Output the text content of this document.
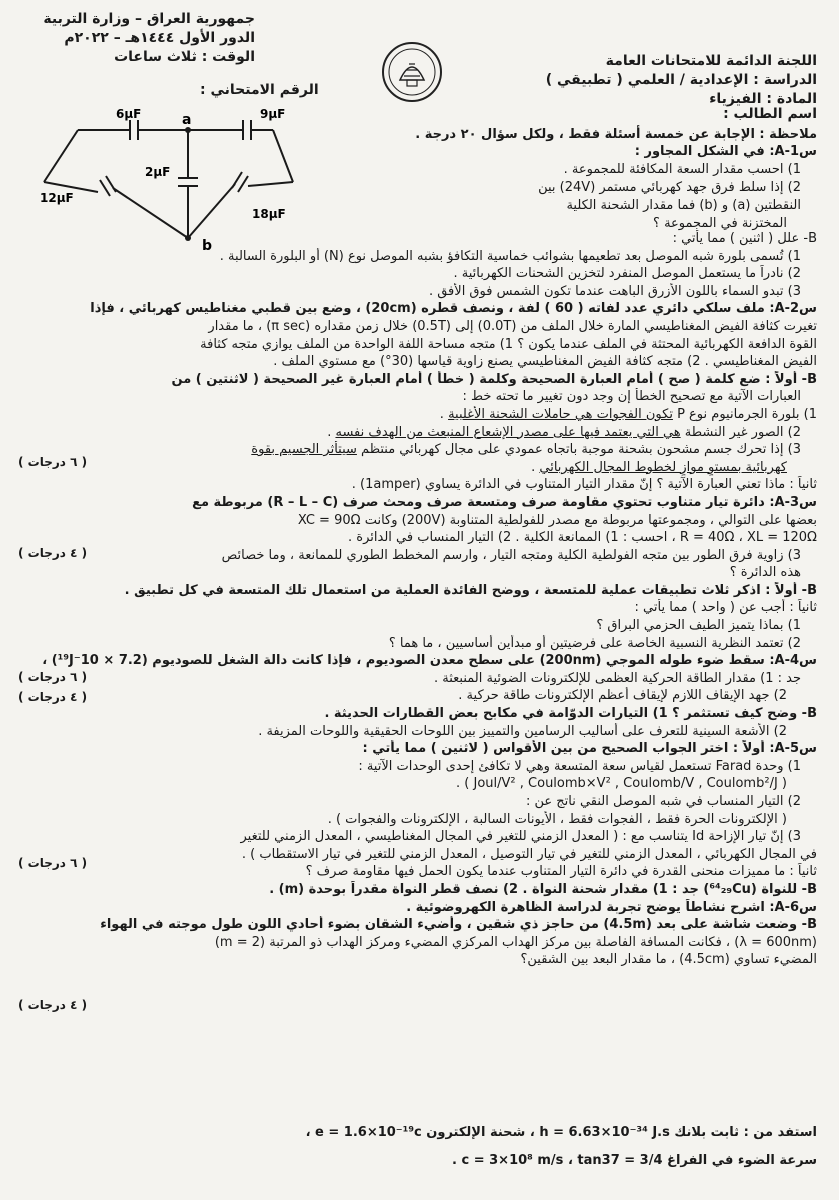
جمهورية العراق – وزارة التربية
الدور الأول ١٤٤٤هـ – ٢٠٢٢م
الوقت : ثلاث ساعات	اللجنة الدائمة للامتحانات العامة
الدراسة : الإعدادية / العلمي ( تطبيقي )
المادة : الفيزياء
الرقم الامتحاني :
اسم الطالب :
ملاحظة : الإجابة عن خمسة أسئلة فقط ، ولكل سؤال ٢٠ درجة .
6μF	9μF
2μF
12μF
18μF
a
b
س1-A: في الشكل المجاور :
1) احسب مقدار السعة المكافئة للمجموعة .
2) إذا سلط فرق جهد كهربائي مستمر (24V) بين
النقطتين (a) و (b) فما مقدار الشحنة الكلية
المختزنة في المجموعة ؟
B- علل ( اثنين ) مما يأتي :
1) تُسمى بلورة شبه الموصل بعد تطعيمها بشوائب خماسية التكافؤ بشبه الموصل نوع (N) أو البلورة السالبة .
2) نادراً ما يستعمل الموصل المنفرد لتخزين الشحنات الكهربائية .
3) تبدو السماء باللون الأزرق الباهت عندما تكون الشمس فوق الأفق .
س2-A: ملف سلكي دائري عدد لفاته ( 60 ) لفة ، ونصف قطره (20cm) ، وضع بين قطبي مغناطيس كهربائي ، فإذا
تغيرت كثافة الفيض المغناطيسي المارة خلال الملف من (0.0T) إلى (0.5T) خلال زمن مقداره (π sec) ، ما مقدار
القوة الدافعة الكهربائية المحتثة في الملف عندما يكون ؟ 1) متجه مساحة اللفة الواحدة من الملف يوازي متجه كثافة
الفيض المغناطيسي . 2) متجه كثافة الفيض المغناطيسي يصنع زاوية قياسها (30°) مع مستوي الملف .
B- أولاً : ضع كلمة ( صح ) أمام العبارة الصحيحة وكلمة ( خطأ ) أمام العبارة غير الصحيحة ( لاثنتين ) من
العبارات الآتية مع تصحيح الخطأ إن وجد دون تغيير ما تحته خط :
1) بلورة الجرمانيوم نوع P تكون الفجوات هي حاملات الشحنة الأغلبية .
2) الصور غير النشطة هي التي يعتمد فيها على مصدر الإشعاع المنبعث من الهدف نفسه .
3) إذا تحرك جسم مشحون بشحنة موجبة باتجاه عمودي على مجال كهربائي منتظم سيتأثر الجسيم بقوة
كهربائية بمستوٍ موازٍ لخطوط المجال الكهربائي .
ثانياً : ماذا تعني العبارة الآتية ؟ إنّ مقدار التيار المتناوب في الدائرة يساوي (1amper) .
س3-A: دائرة تيار متناوب تحتوي مقاومة صرف ومتسعة صرف ومحث صرف (R – L – C) مربوطة مع
بعضها على التوالي ، ومجموعتها مربوطة مع مصدر للفولطية المتناوبة (200V) وكانت XC = 90Ω
R = 40Ω ، XL = 120Ω ، احسب : 1) الممانعة الكلية . 2) التيار المنساب في الدائرة .
3) زاوية فرق الطور بين متجه الفولطية الكلية ومتجه التيار ، وارسم المخطط الطوري للممانعة ، وما خصائص
هذه الدائرة ؟
B- أولاً : اذكر ثلاث تطبيقات عملية للمتسعة ، ووضح الفائدة العملية من استعمال تلك المتسعة في كل تطبيق .
ثانياً : أجب عن ( واحد ) مما يأتي :
1) بماذا يتميز الطيف الحزمي البراق ؟
2) تعتمد النظرية النسبية الخاصة على فرضيتين أو مبدأين أساسيين ، ما هما ؟
س4-A: سقط ضوء طوله الموجي (200nm) على سطح معدن الصوديوم ، فإذا كانت دالة الشغل للصوديوم (7.2 × 10⁻¹⁹J) ،
جد : 1) مقدار الطاقة الحركية العظمى للإلكترونات الضوئية المنبعثة .
2) جهد الإيقاف اللازم لإيقاف أعظم الإلكترونات طاقة حركية .
B- وضح كيف تستثمر ؟ 1) التيارات الدوّامة في مكابح بعض القطارات الحديثة .
2) الأشعة السينية للتعرف على أساليب الرسامين والتمييز بين اللوحات الحقيقية واللوحات المزيفة .
س5-A: أولاً : اختر الجواب الصحيح من بين الأقواس ( لاثنين ) مما يأتي :
1) وحدة Farad تستعمل لقياس سعة المتسعة وهي لا تكافئ إحدى الوحدات الآتية :
( Joul/V² , Coulomb×V² , Coulomb/V , Coulomb²/J ) .
2) التيار المنساب في شبه الموصل النقي ناتج عن :
( الإلكترونات الحرة فقط ، الفجوات فقط ، الأيونات السالبة ، الإلكترونات والفجوات ) .
3) إنّ تيار الإزاحة Id يتناسب مع : ( المعدل الزمني للتغير في المجال المغناطيسي ، المعدل الزمني للتغير
في المجال الكهربائي ، المعدل الزمني للتغير في تيار التوصيل ، المعدل الزمني للتغير في تيار الاستقطاب ) .
ثانياً : ما مميزات منحنى القدرة في دائرة التيار المتناوب عندما يكون الحمل فيها مقاومة صرف ؟
B- للنواة (⁶⁴₂₉Cu) جد : 1) مقدار شحنة النواة . 2) نصف قطر النواة مقدراً بوحدة (m) .
س6-A: اشرح نشاطاً يوضح تجربة لدراسة الظاهرة الكهروضوئية .
B- وضعت شاشة على بعد (4.5m) من حاجز ذي شقين ، وأضيء الشقان بضوء أحادي اللون طول موجته في الهواء
(λ = 600nm) ، فكانت المسافة الفاصلة بين مركز الهداب المركزي المضيء ومركز الهداب ذو المرتبة (m = 2)
المضيء تساوي (4.5cm) ، ما مقدار البعد بين الشقين؟
( ٦ درجات )
( ٤ درجات )
( ٦ درجات )
( ٤ درجات )
( ٦ درجات )
( ٤ درجات )
استفد من : ثابت بلانك h = 6.63×10⁻³⁴ J.s ، شحنة الإلكترون e = 1.6×10⁻¹⁹c ،
سرعة الضوء في الفراغ c = 3×10⁸ m/s ، tan37 = 3/4 .
